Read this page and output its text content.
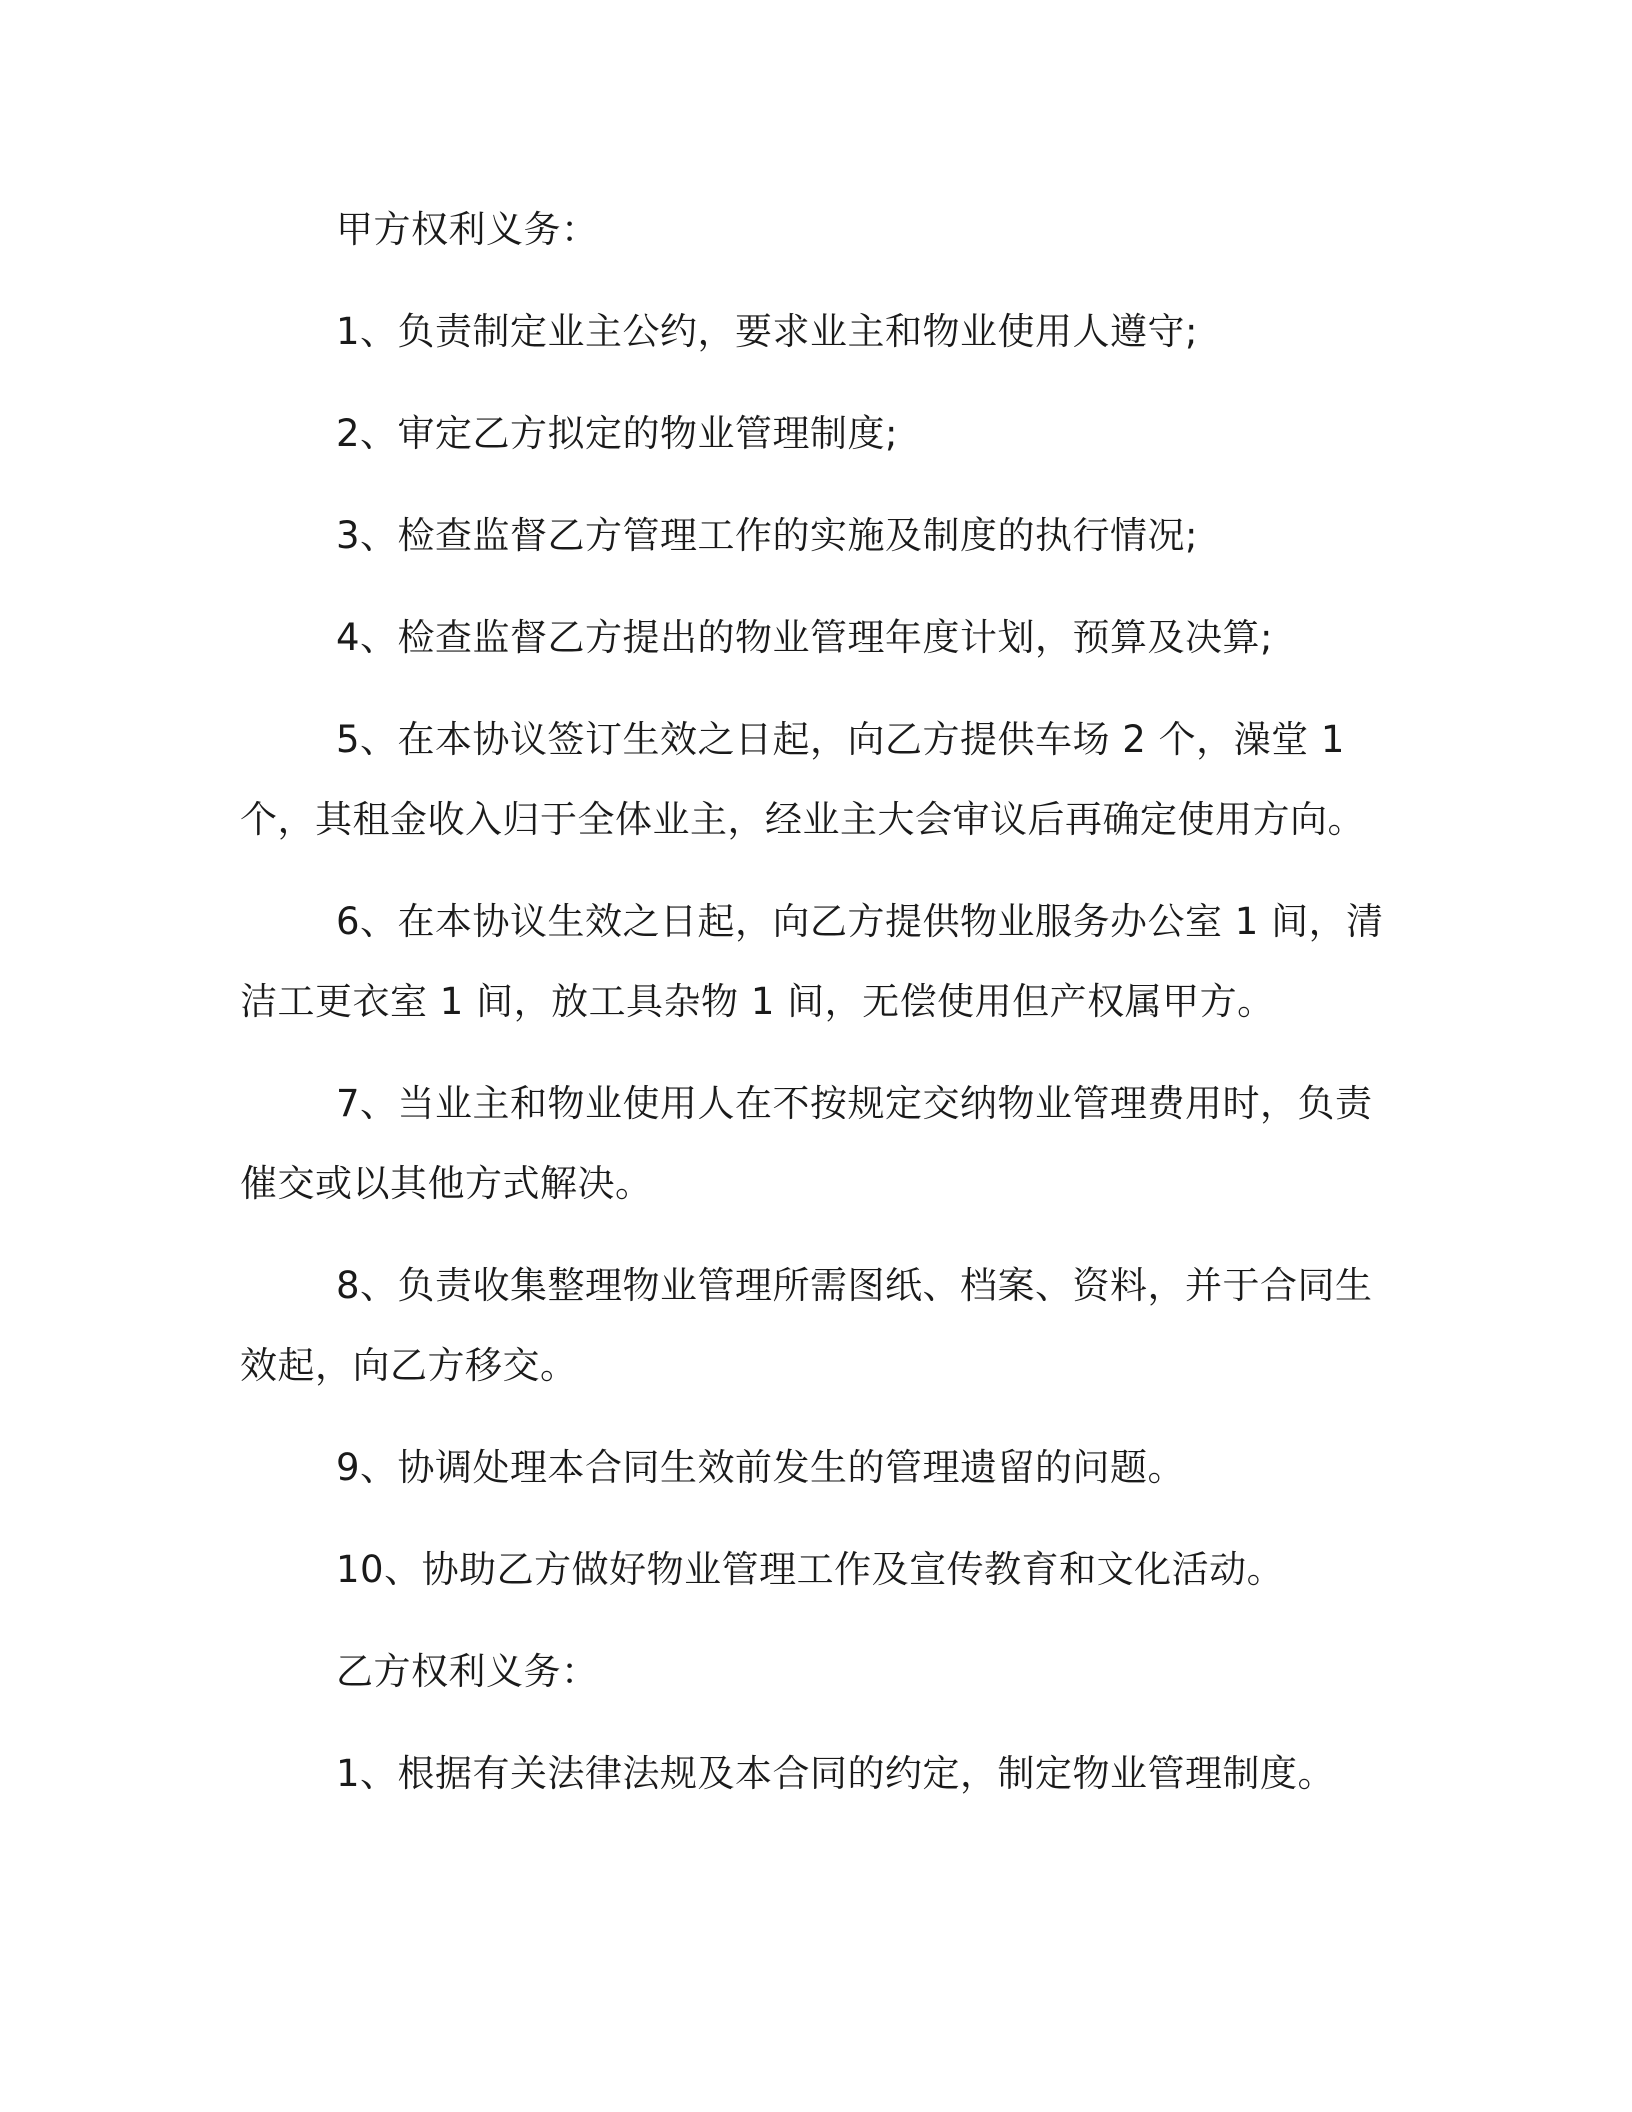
甲方权利义务：

1、负责制定业主公约，要求业主和物业使用人遵守;

2、审定乙方拟定的物业管理制度;

3、检查监督乙方管理工作的实施及制度的执行情况;

4、检查监督乙方提出的物业管理年度计划，预算及决算;

5、在本协议签订生效之日起，向乙方提供车场 2 个，澡堂 1 个，其租金收入归于全体业主，经业主大会审议后再确定使用方向。

6、在本协议生效之日起，向乙方提供物业服务办公室 1 间，清洁工更衣室 1 间，放工具杂物 1 间，无偿使用但产权属甲方。

7、当业主和物业使用人在不按规定交纳物业管理费用时，负责催交或以其他方式解决。

8、负责收集整理物业管理所需图纸、档案、资料，并于合同生效起，向乙方移交。

9、协调处理本合同生效前发生的管理遗留的问题。

10、协助乙方做好物业管理工作及宣传教育和文化活动。

乙方权利义务：

1、根据有关法律法规及本合同的约定，制定物业管理制度。
